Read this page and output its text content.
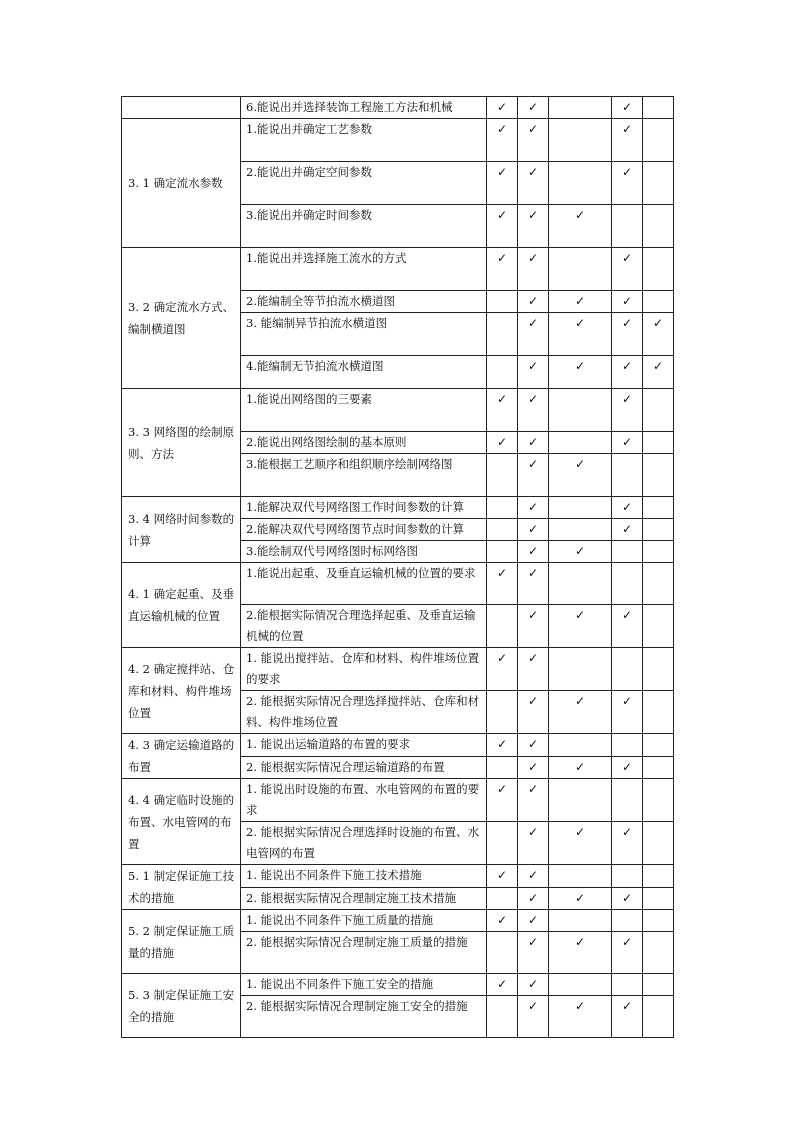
	6.能说出并选择装饰工程施工方法和机械	✓	✓		✓	
3. 1 确定流水参数	1.能说出并确定工艺参数	✓	✓		✓	
	2.能说出并确定空间参数	✓	✓		✓	
	3.能说出并确定时间参数	✓	✓	✓		
3. 2 确定流水方式、编制横道图	1.能说出并选择施工流水的方式	✓	✓		✓	
	2.能编制全等节拍流水横道图		✓	✓	✓	
	3. 能编制异节拍流水横道图		✓	✓	✓	✓
	4.能编制无节拍流水横道图		✓	✓	✓	✓
3. 3 网络图的绘制原则、方法	1.能说出网络图的三要素	✓	✓		✓	
	2.能说出网络图绘制的基本原则	✓	✓		✓	
	3.能根据工艺顺序和组织顺序绘制网络图		✓	✓		
3. 4 网络时间参数的计算	1.能解决双代号网络图工作时间参数的计算		✓		✓	
	2.能解决双代号网络图节点时间参数的计算		✓		✓	
	3.能绘制双代号网络图时标网络图		✓	✓		
4. 1 确定起重、及垂直运输机械的位置	1.能说出起重、及垂直运输机械的位置的要求	✓	✓			
	2.能根据实际情况合理选择起重、及垂直运输机械的位置		✓	✓	✓	
4. 2 确定搅拌站、仓库和材料、构件堆场位置	1. 能说出搅拌站、仓库和材料、构件堆场位置的要求	✓	✓			
	2. 能根据实际情况合理选择搅拌站、仓库和材料、构件堆场位置		✓	✓	✓	
4. 3 确定运输道路的布置	1. 能说出运输道路的布置的要求	✓	✓			
	2. 能根据实际情况合理运输道路的布置		✓	✓	✓	
4. 4 确定临时设施的布置、水电管网的布置	1. 能说出时设施的布置、水电管网的布置的要求	✓	✓			
	2. 能根据实际情况合理选择时设施的布置、水电管网的布置		✓	✓	✓	
5. 1 制定保证施工技术的措施	1. 能说出不同条件下施工技术措施	✓	✓			
	2. 能根据实际情况合理制定施工技术措施		✓	✓	✓	
5. 2 制定保证施工质量的措施	1. 能说出不同条件下施工质量的措施	✓	✓			
	2. 能根据实际情况合理制定施工质量的措施		✓	✓	✓	
5. 3 制定保证施工安全的措施	1. 能说出不同条件下施工安全的措施	✓	✓			
	2. 能根据实际情况合理制定施工安全的措施		✓	✓	✓	
